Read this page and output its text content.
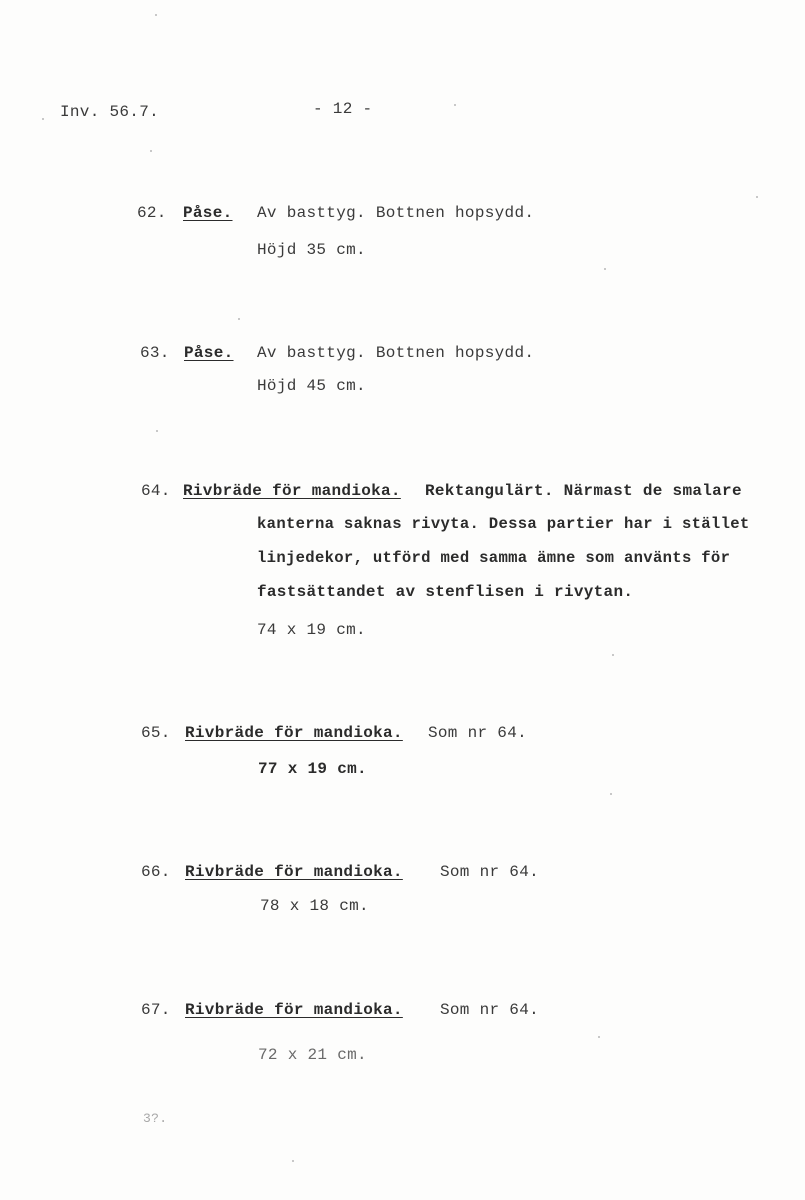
Inv. 56.7.	- 12 -
62. Påse. Av basttyg. Bottnen hopsydd.
Höjd 35 cm.
63. Påse. Av basttyg. Bottnen hopsydd.
Höjd 45 cm.
64. Rivbräde för mandioka. Rektangulärt. Närmast de smalare
kanterna saknas rivyta. Dessa partier har i stället
linjedekor, utförd med samma ämne som använts för
fastsättandet av stenflisen i rivytan.
74 x 19 cm.
65. Rivbräde för mandioka. Som nr 64.
77 x 19 cm.
66. Rivbräde för mandioka. Som nr 64.
78 x 18 cm.
67. Rivbräde för mandioka. Som nr 64.
72 x 21 cm.
3?.
